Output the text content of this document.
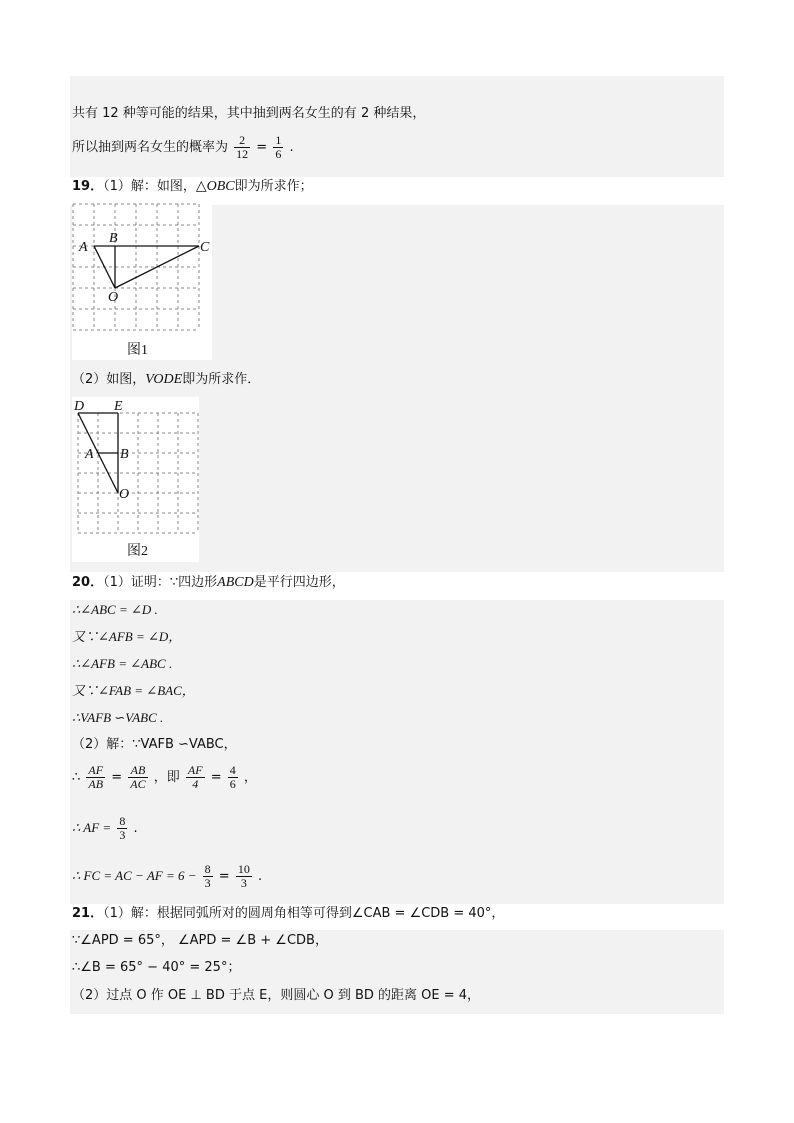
共有 12 种等可能的结果，其中抽到两名女生的有 2 种结果，
所以抽到两名女生的概率为 $\frac{2}{12} = \frac{1}{6}$ .
19．（1）解：如图，△OBC即为所求作；
A
B
C
O
图1
（2）如图，VODE即为所求作．
D E
A B
O
图2
20．（1）证明：∵四边形ABCD是平行四边形，
∴∠ABC = ∠D .
又∵∠AFB = ∠D，
∴∠AFB = ∠ABC .
又∵∠FAB = ∠BAC，
∴VAFB ∽VABC .
（2）解：∵VAFB ∽VABC，
∴ $\frac{AF}{AB} = \frac{AB}{AC}$ ，即 $\frac{AF}{4} = \frac{4}{6}$ ，
∴ AF = $\frac{8}{3}$ .
∴ FC = AC − AF = $6 - \frac{8}{3} = \frac{10}{3}$ .
21．（1）解：根据同弧所对的圆周角相等可得到∠CAB = ∠CDB = 40°，
∵∠APD = 65°， ∠APD = ∠B + ∠CDB，
∴∠B = 65° − 40° = 25°；
（2）过点 O 作 OE ⊥ BD 于点 E，则圆心 O 到 BD 的距离 OE = 4，
